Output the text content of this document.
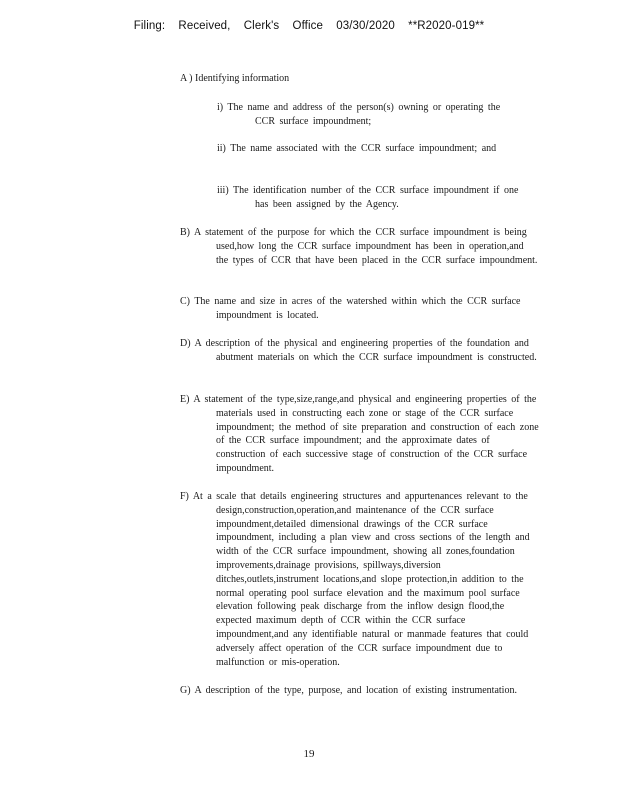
Filing: Received, Clerk's Office 03/30/2020 **R2020-019**
A ) Identifying information
i) The name and address of the person(s) owning or operating the CCR surface impoundment;
ii) The name associated with the CCR surface impoundment; and
iii) The identification number of the CCR surface impoundment if one has been assigned by the Agency.
B) A statement of the purpose for which the CCR surface impoundment is being used,how long the CCR surface impoundment has been in operation,and the types of CCR that have been placed in the CCR surface impoundment.
C) The name and size in acres of the watershed within which the CCR surface impoundment is located.
D) A description of the physical and engineering properties of the foundation and abutment materials on which the CCR surface impoundment is constructed.
E) A statement of the type,size,range,and physical and engineering properties of the materials used in constructing each zone or stage of the CCR surface impoundment; the method of site preparation and construction of each zone of the CCR surface impoundment; and the approximate dates of construction of each successive stage of construction of the CCR surface impoundment.
F) At a scale that details engineering structures and appurtenances relevant to the design,construction,operation,and maintenance of the CCR surface impoundment,detailed dimensional drawings of the CCR surface impoundment, including a plan view and cross sections of the length and width of the CCR surface impoundment, showing all zones,foundation improvements,drainage provisions, spillways,diversion ditches,outlets,instrument locations,and slope protection,in addition to the normal operating pool surface elevation and the maximum pool surface elevation following peak discharge from the inflow design flood,the expected maximum depth of CCR within the CCR surface impoundment,and any identifiable natural or manmade features that could adversely affect operation of the CCR surface impoundment due to malfunction or mis-operation.
G) A description of the type, purpose, and location of existing instrumentation.
19
